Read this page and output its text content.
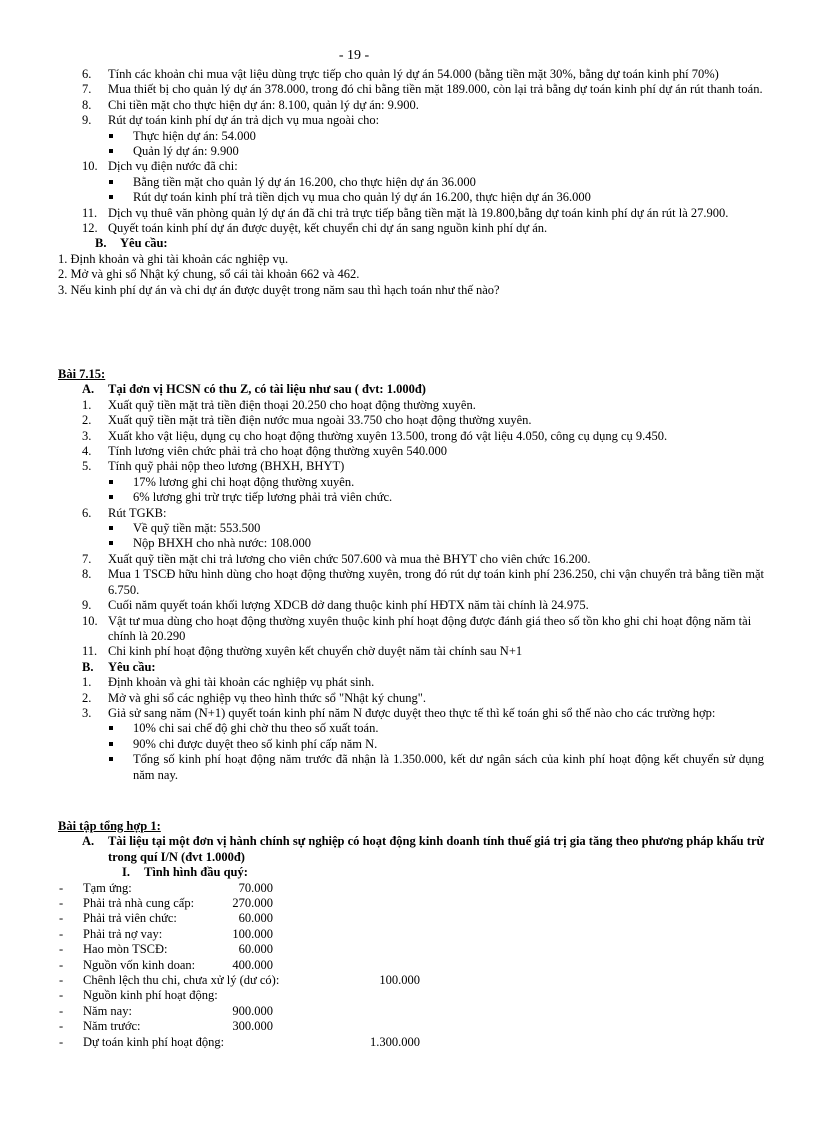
- 19 -
6. Tính các khoản chi mua vật liệu dùng trực tiếp cho quản lý dự án 54.000 (bằng tiền mặt 30%, bằng dự toán kinh phí 70%)
7. Mua thiết bị cho quản lý dự án 378.000, trong đó chi bằng tiền mặt 189.000, còn lại trả bằng dự toán kinh phí dự án rút thanh toán.
8. Chi tiền mặt cho thực hiện dự án: 8.100, quản lý dự án: 9.900.
9. Rút dự toán kinh phí dự án trả dịch vụ mua ngoài cho:
Thực hiện dự án: 54.000
Quản lý dự án: 9.900
10. Dịch vụ điện nước đã chi:
Bằng tiền mặt cho quản lý dự án 16.200, cho thực hiện dự án 36.000
Rút dự toán kinh phí trả tiền dịch vụ mua cho quản lý dự án 16.200, thực hiện dự án 36.000
11. Dịch vụ thuê văn phòng quản lý dự án đã chi trả trực tiếp bằng tiền mặt là 19.800,bằng dự toán kinh phí dự án rút là 27.900.
12. Quyết toán kinh phí dự án được duyệt, kết chuyển chi dự án sang nguồn kinh phí dự án.
B. Yêu cầu:
1. Định khoản và ghi tài khoản các nghiệp vụ.
2. Mở và ghi sổ Nhật ký chung, sổ cái tài khoản 662 và 462.
3. Nếu kinh phí dự án và chi dự án được duyệt trong năm sau thì hạch toán như thế nào?
Bài 7.15:
A. Tại đơn vị HCSN có thu Z, có tài liệu như sau ( đvt: 1.000đ)
1. Xuất quỹ tiền mặt trả tiền điện thoại 20.250 cho hoạt động thường xuyên.
2. Xuất quỹ tiền mặt trả tiền điện nước mua ngoài 33.750 cho hoạt động thường xuyên.
3. Xuất kho vật liệu, dụng cụ cho hoạt động thường xuyên 13.500, trong đó vật liệu 4.050, công cụ dụng cụ 9.450.
4. Tính lương viên chức phải trả cho hoạt động thường xuyên 540.000
5. Tính quỹ phải nộp theo lương (BHXH, BHYT)
17% lương ghi chi hoạt động thường xuyên.
6% lương ghi trừ trực tiếp lương phải trả viên chức.
6. Rút TGKB:
Về quỹ tiền mặt: 553.500
Nộp BHXH cho nhà nước: 108.000
7. Xuất quỹ tiền mặt chi trả lương cho viên chức 507.600 và mua thẻ BHYT cho viên chức 16.200.
8. Mua 1 TSCĐ hữu hình dùng cho hoạt động thường xuyên, trong đó rút dự toán kinh phí 236.250, chi vận chuyển trả bằng tiền mặt 6.750.
9. Cuối năm quyết toán khối lượng XDCB dở dang thuộc kinh phí HĐTX năm tài chính là 24.975.
10. Vật tư mua dùng cho hoạt động thường xuyên thuộc kinh phí hoạt động được đánh giá theo số tồn kho ghi chi hoạt động năm tài chính là 20.290
11. Chi kinh phí hoạt động thường xuyên kết chuyển chờ duyệt năm tài chính sau N+1
B. Yêu cầu:
1. Định khoản và ghi tài khoản các nghiệp vụ phát sinh.
2. Mở và ghi sổ các nghiệp vụ theo hình thức sổ "Nhật ký chung".
3. Giả sử sang năm (N+1) quyết toán kinh phí năm N được duyệt theo thực tế thì kế toán ghi sổ thế nào cho các trường hợp:
10% chi sai chế độ ghi chờ thu theo số xuất toán.
90% chi được duyệt theo số kinh phí cấp năm N.
Tổng số kinh phí hoạt động năm trước đã nhận là 1.350.000, kết dư ngân sách của kinh phí hoạt động kết chuyển sử dụng năm nay.
Bài tập tổng hợp 1:
A. Tài liệu tại một đơn vị hành chính sự nghiệp có hoạt động kinh doanh tính thuế giá trị gia tăng theo phương pháp khấu trừ trong quí I/N (đvt 1.000đ)
I. Tình hình đầu quý:
- Tạm ứng:	70.000
- Phải trả nhà cung cấp:	270.000
- Phải trả viên chức:	60.000
- Phải trả nợ vay:	100.000
- Hao mòn TSCĐ:	60.000
- Nguồn vốn kinh doan:	400.000
- Chênh lệch thu chi, chưa xử lý (dư có):	100.000
- Nguồn kinh phí hoạt động:
- Năm nay:	900.000
- Năm trước:	300.000
- Dự toán kinh phí hoạt động:	1.300.000
